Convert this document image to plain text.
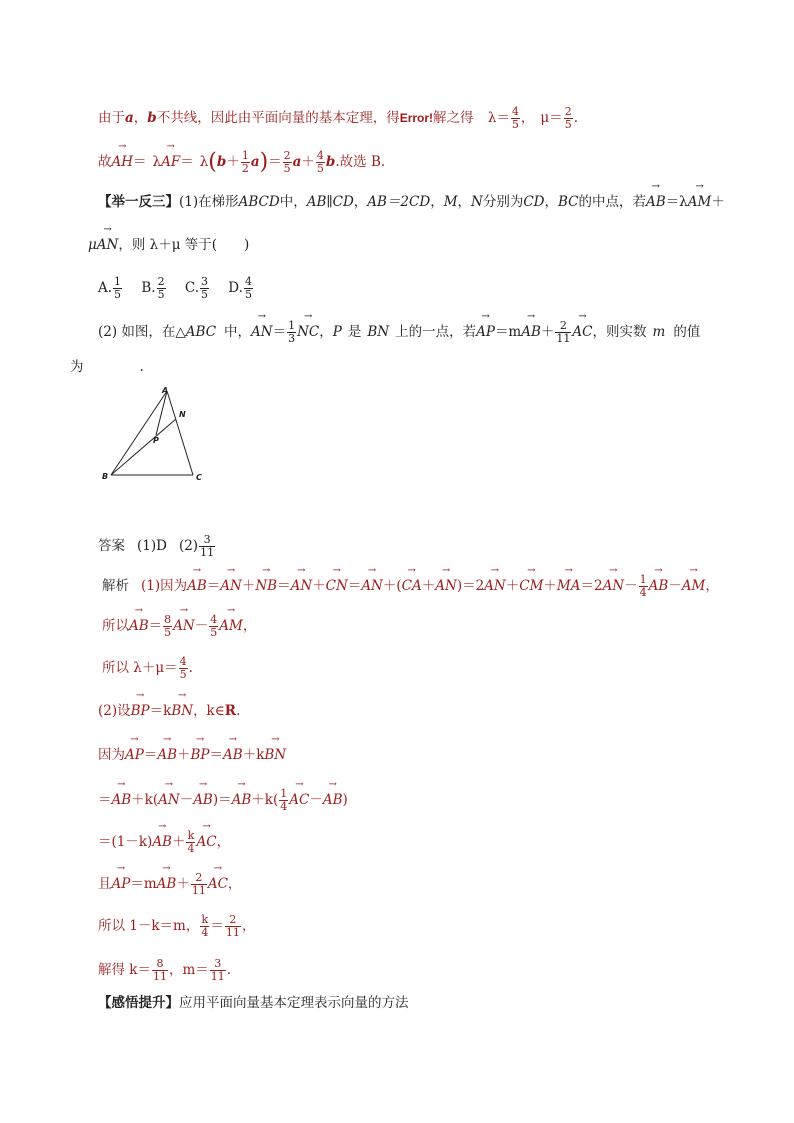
由于a，b不共线，因此由平面向量的基本定理，得Error!解之得 $\lambda= \frac{4}{5}$ ， $\mu= \frac{2}{5}$ .
故→ $AH= \lambda\to AF= \lambda(b+ \frac{1}{2} a)= \frac{2}{5} a+ \frac{4}{5} b$.故选 B.
【举一反三】(1)在梯形ABCD中，AB∥CD，AB＝2CD，M，N分别为CD，BC的中点，若→ AB＝λ→ AM＋
μ→ AN，则 λ＋μ 等于(　　)
A. $\frac{1}{5} B$. $\frac{2}{5} C$. $\frac{3}{5} D$. $\frac{4}{5}$
(2) 如图，在△ABC 中，→ $AN= \frac{1}{3}$
→ NC，P 是 BN 上的一点，若→ $AP=m\to AB+ \frac{2}{11}$
→ AC，则实数 m 的值
为	.
A
N
P
B	C
答案 (1)D $(2) \frac{3}{11}$
解析 (1)因为→ $AB=\to AN+\to NB=\to AN+\to CN=\to AN+(\to CA+\to AN)=2\to AN+\to CM+\to MA=2\to AN- \frac{1}{4}$
→ AB－→ AM，
所以→ $AB= \frac{8}{5}$
→ $AN- \frac{4}{5}$
→ AM，
所以 $\lambda+\mu= \frac{4}{5}$ .
(2)设→ BP＝k→ BN，k∈R.
因为→ AP＝→ AB＋→ BP＝→ AB＋k→ BN
＝→ $AB+k(\to AN-\to AB)=\to AB+k( \frac{1}{4}$
→ AC－→ AB)
$=(1-k)\to AB+ \frac{k}{4}$
→ AC，
且→ $AP=m\to AB+ \frac{2}{11}$
→ AC，
所以 1－k＝m， $\frac{k}{4} = \frac{2}{11}$ ，
解得 $k= \frac{8}{11}$ ，$m= \frac{3}{11}$ .
【感悟提升】应用平面向量基本定理表示向量的方法
